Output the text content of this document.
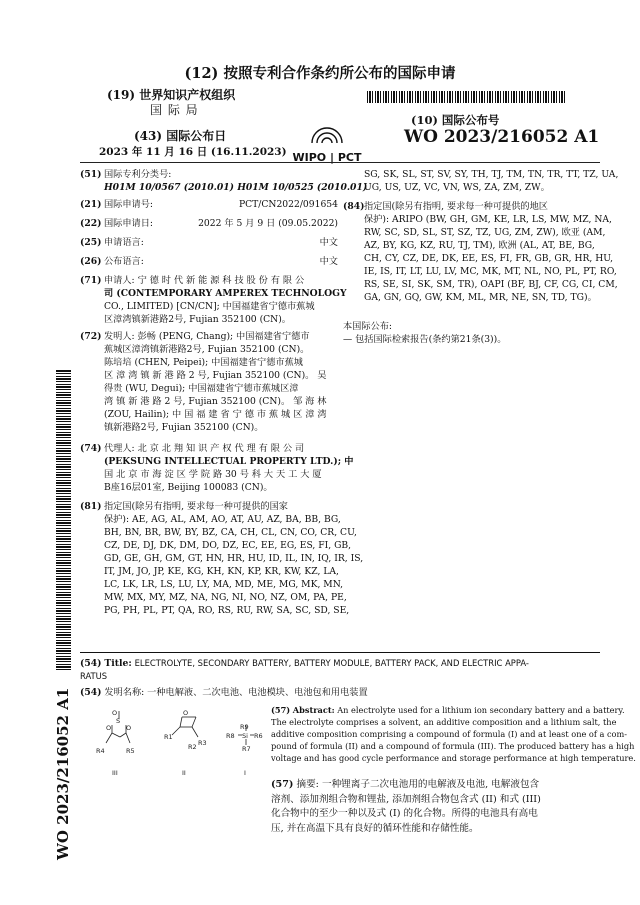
(12) 按照专利合作条约所公布的国际申请
(19) 世界知识产权组织
国 际 局
(43) 国际公布日
2023 年 11 月 16 日 (16.11.2023)
(10) 国际公布号
WO 2023/216052 A1
WIPO | PCT
WO 2023/216052 A1
(51) 国际专利分类号:
H01M 10/0567 (2010.01) H01M 10/0525 (2010.01)
(21) 国际申请号:	PCT/CN2022/091654
(22) 国际申请日:	2022 年 5 月 9 日 (09.05.2022)
(25) 申请语言:	中文
(26) 公布语言:	中文
(71) 申请人: 宁 德 时 代 新 能 源 科 技 股 份 有 限 公
司 (CONTEMPORARY AMPEREX TECHNOLOGY
CO., LIMITED) [CN/CN]; 中国福建省宁德市蕉城
区漳湾镇新港路2号, Fujian 352100 (CN)。
(72) 发明人: 彭畅 (PENG, Chang); 中国福建省宁德市
蕉城区漳湾镇新港路2号, Fujian 352100 (CN)。
陈培培 (CHEN, Peipei); 中国福建省宁德市蕉城
区 漳 湾 镇 新 港 路 2 号, Fujian 352100 (CN)。 吴
得贵 (WU, Degui); 中国福建省宁德市蕉城区漳
湾 镇 新 港 路 2 号, Fujian 352100 (CN)。 邹 海 林
(ZOU, Hailin); 中 国 福 建 省 宁 德 市 蕉 城 区 漳 湾
镇新港路2号, Fujian 352100 (CN)。
(74) 代理人: 北 京 北 翔 知 识 产 权 代 理 有 限 公 司
(PEKSUNG INTELLECTUAL PROPERTY LTD.); 中
国 北 京 市 海 淀 区 学 院 路 30 号 科 大 天 工 大 厦
B座16层01室, Beijing 100083 (CN)。
(81) 指定国(除另有指明, 要求每一种可提供的国家
保护): AE, AG, AL, AM, AO, AT, AU, AZ, BA, BB, BG,
BH, BN, BR, BW, BY, BZ, CA, CH, CL, CN, CO, CR, CU,
CZ, DE, DJ, DK, DM, DO, DZ, EC, EE, EG, ES, FI, GB,
GD, GE, GH, GM, GT, HN, HR, HU, ID, IL, IN, IQ, IR, IS,
IT, JM, JO, JP, KE, KG, KH, KN, KP, KR, KW, KZ, LA,
LC, LK, LR, LS, LU, LY, MA, MD, ME, MG, MK, MN,
MW, MX, MY, MZ, NA, NG, NI, NO, NZ, OM, PA, PE,
PG, PH, PL, PT, QA, RO, RS, RU, RW, SA, SC, SD, SE,
SG, SK, SL, ST, SV, SY, TH, TJ, TM, TN, TR, TT, TZ, UA,
UG, US, UZ, VC, VN, WS, ZA, ZM, ZW。
(84) 指定国(除另有指明, 要求每一种可提供的地区
保护): ARIPO (BW, GH, GM, KE, LR, LS, MW, MZ, NA,
RW, SC, SD, SL, ST, SZ, TZ, UG, ZM, ZW), 欧亚 (AM,
AZ, BY, KG, KZ, RU, TJ, TM), 欧洲 (AL, AT, BE, BG,
CH, CY, CZ, DE, DK, EE, ES, FI, FR, GB, GR, HR, HU,
IE, IS, IT, LT, LU, LV, MC, MK, MT, NL, NO, PL, PT, RO,
RS, SE, SI, SK, SM, TR), OAPI (BF, BJ, CF, CG, CI, CM,
GA, GN, GQ, GW, KM, ML, MR, NE, SN, TD, TG)。
本国际公布:
— 包括国际检索报告(条约第21条(3))。
(54) Title: ELECTROLYTE, SECONDARY BATTERY, BATTERY MODULE, BATTERY PACK, AND ELECTRIC APPA-
RATUS
(54) 发明名称: 一种电解液、二次电池、电池模块、电池包和用电装置
O
S
O O
O
R4	R5
R1
R2 R3
R9
R8 Si R6
R7
III	II	I
(57) Abstract: An electrolyte used for a lithium ion secondary battery and a battery.
The electrolyte comprises a solvent, an additive composition and a lithium salt, the
additive composition comprising a compound of formula (I) and at least one of a com-
pound of formula (II) and a compound of formula (III). The produced battery has a high
voltage and has good cycle performance and storage performance at high temperature.
(57) 摘要: 一种锂离子二次电池用的电解液及电池, 电解液包含
溶剂、添加剂组合物和锂盐, 添加剂组合物包含式 (II) 和式 (III)
化合物中的至少一种以及式 (I) 的化合物。所得的电池具有高电
压, 并在高温下具有良好的循环性能和存储性能。
